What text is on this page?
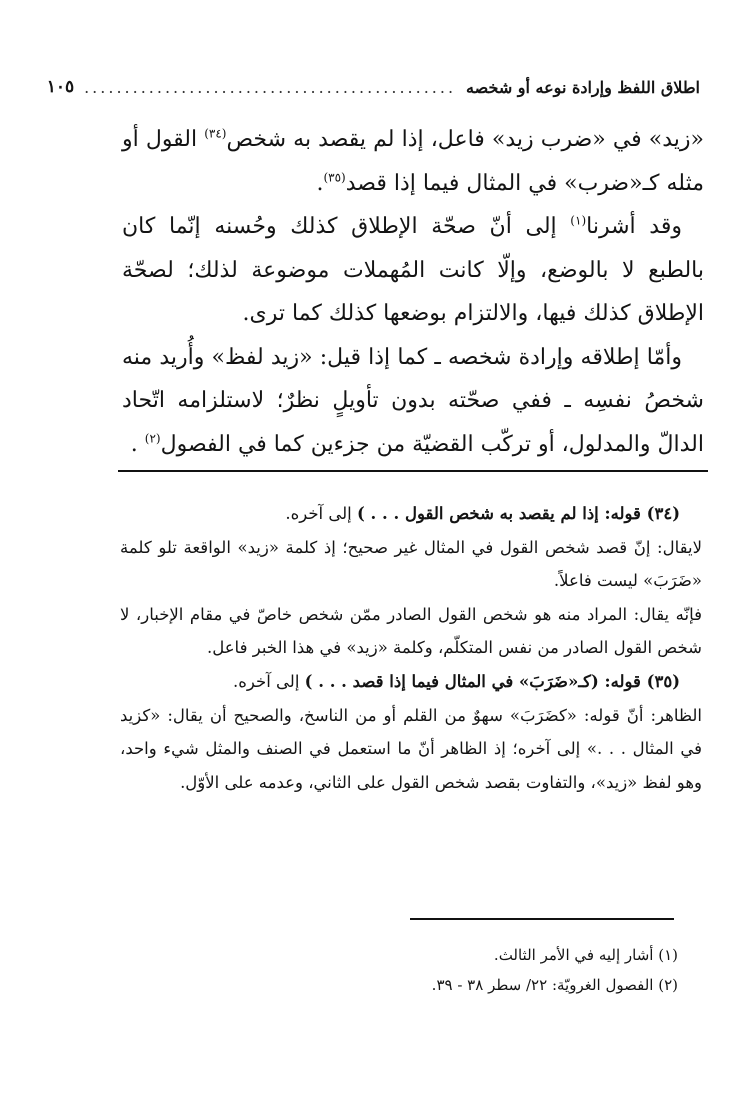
اطلاق اللفظ وإرادة نوعه أو شخصه
..............................................
١٠٥

«زيد» في «ضرب زيد» فاعل، إذا لم يقصد به شخص$^{(٣٤)}$ القول أو مثله كـ«ضرب» في المثال فيما إذا قصد$^{(٣٥)}$.

وقد أشرنا$^{(١)}$ إلى أنّ صحّة الإطلاق كذلك وحُسنه إنّما كان بالطبع لا بالوضع، وإلّا كانت المُهملات موضوعة لذلك؛ لصحّة الإطلاق كذلك فيها، والالتزام بوضعها كذلك كما ترى.

وأمّا إطلاقه وإرادة شخصه ـ كما إذا قيل: «زيد لفظ» وأُريد منه شخصُ نفسِه ـ ففي صحّته بدون تأويلٍ نظرٌ؛ لاستلزامه اتّحاد الدالّ والمدلول، أو تركّب القضيّة من جزءين كما في الفصول$^{(٢)}$ .

(٣٤) قوله: إذا لم يقصد به شخص القول . . . ) إلى آخره.

لايقال: إنّ قصد شخص القول في المثال غير صحيح؛ إذ كلمة «زيد» الواقعة تلو كلمة «ضَرَبَ» ليست فاعلاً.

فإنّه يقال: المراد منه هو شخص القول الصادر ممّن شخص خاصّ في مقام الإخبار، لا شخص القول الصادر من نفس المتكلّم، وكلمة «زيد» في هذا الخبر فاعل.

(٣٥) قوله: (كـ«ضَرَبَ» في المثال فيما إذا قصد . . . ) إلى آخره.

الظاهر: أنّ قوله: «كضَرَبَ» سهوٌ من القلم أو من الناسخ، والصحيح أن يقال: «كزيد في المثال . . .» إلى آخره؛ إذ الظاهر أنّ ما استعمل في الصنف والمثل شيء واحد، وهو لفظ «زيد»، والتفاوت بقصد شخص القول على الثاني، وعدمه على الأوّل.

(١) أشار إليه في الأمر الثالث.

(٢) الفصول الغرويّة: ٢٢/ سطر ٣٨ - ٣٩.
